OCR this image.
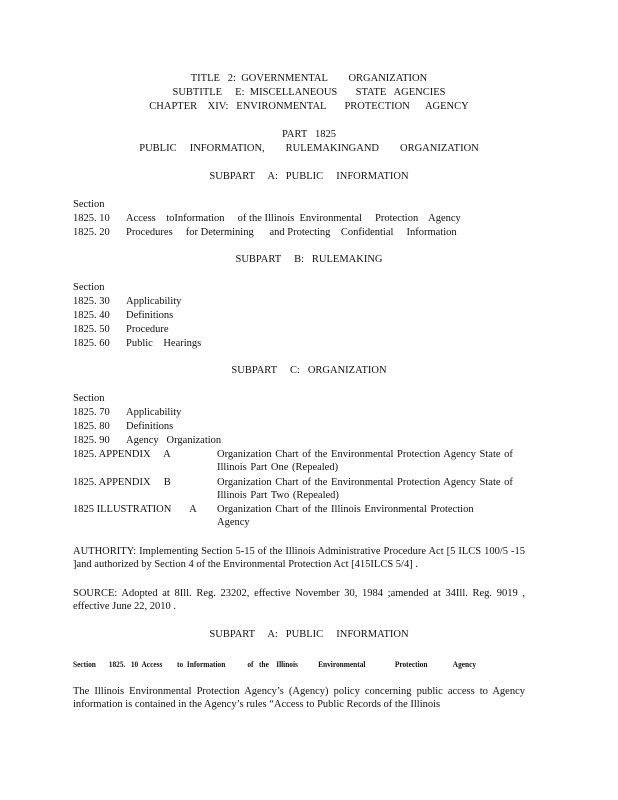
TITLE   2:  GOVERNMENTAL        ORGANIZATION
SUBTITLE     E:  MISCELLANEOUS       STATE   AGENCIES
CHAPTER    XIV:   ENVIRONMENTAL       PROTECTION      AGENCY
PART   1825
PUBLIC     INFORMATION,        RULEMAKINGAND        ORGANIZATION
SUBPART     A:   PUBLIC     INFORMATION
Section
1825. 10 Access    toInformation     of the Illinois  Environmental     Protection    Agency
1825. 20 Procedures     for Determining      and Protecting    Confidential     Information
SUBPART     B:   RULEMAKING
Section
1825. 30 Applicability
1825. 40 Definitions
1825. 50 Procedure
1825. 60 Public    Hearings
SUBPART     C:   ORGANIZATION
Section
1825. 70 Applicability
1825. 80 Definitions
1825. 90 Agency   Organization
1825. APPENDIX     A	Organization Chart of the Environmental Protection Agency State of Illinois Part One (Repealed)
1825. APPENDIX     B	Organization Chart of the Environmental Protection Agency State of Illinois Part Two (Repealed)
1825 ILLUSTRATION       A Organization Chart of the Illinois Environmental Protection Agency
AUTHORITY: Implementing Section 5-15 of the Illinois Administrative Procedure Act [5 ILCS 100/5 -15 ]and authorized by Section 4 of the Environmental Protection Act [415ILCS 5/4] .
SOURCE: Adopted at 8Ill. Reg. 23202, effective November 30, 1984 ;amended at 34Ill. Reg. 9019 , effective June 22, 2010 .
SUBPART     A:   PUBLIC     INFORMATION
Section       1825.   10  Access        to  Information            of   the    Illinois           Environmental                Protection              Agency
The Illinois Environmental Protection Agency’s (Agency) policy concerning public access to Agency information is contained in the Agency’s rules “Access to Public Records of the Illinois
